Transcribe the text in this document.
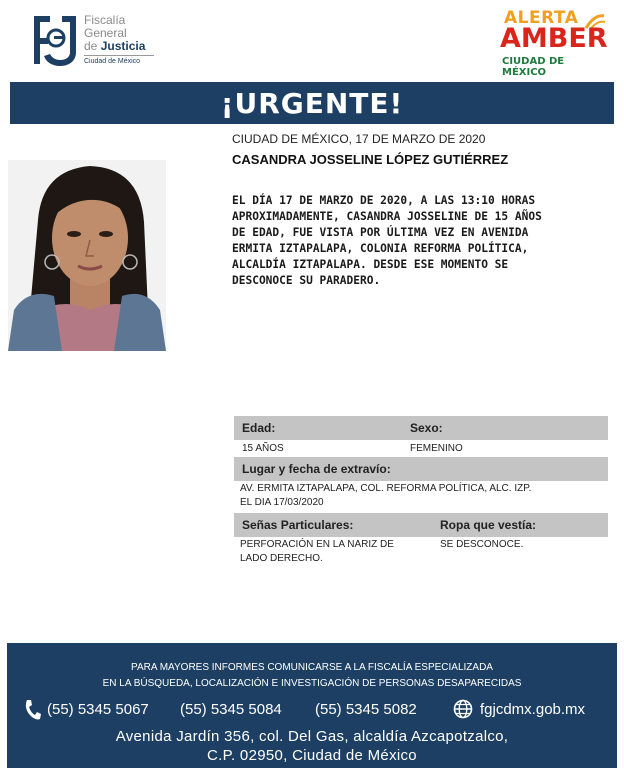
Fiscalía
General
de Justicia
Ciudad de México
ALERTA
AMBER
CIUDAD DE MÉXICO
¡URGENTE!
CIUDAD DE MÉXICO, 17 DE MARZO DE 2020
CASANDRA JOSSELINE LÓPEZ GUTIÉRREZ
EL DÍA 17 DE MARZO DE 2020, A LAS 13:10 HORAS
APROXIMADAMENTE, CASANDRA JOSSELINE DE 15 AÑOS
DE EDAD, FUE VISTA POR ÚLTIMA VEZ EN AVENIDA
ERMITA IZTAPALAPA, COLONIA REFORMA POLÍTICA,
ALCALDÍA IZTAPALAPA. DESDE ESE MOMENTO SE
DESCONOCE SU PARADERO.
Edad:	Sexo:
15 AÑOS	FEMENINO
Lugar y fecha de extravío:
AV. ERMITA IZTAPALAPA, COL. REFORMA POLÍTICA, ALC. IZP.
EL DIA 17/03/2020
Señas Particulares:	Ropa que vestía:
PERFORACIÓN EN LA NARIZ DE
LADO DERECHO.
SE DESCONOCE.
PARA MAYORES INFORMES COMUNICARSE A LA FISCALÍA ESPECIALIZADA
EN LA BÚSQUEDA, LOCALIZACIÓN E INVESTIGACIÓN DE PERSONAS DESAPARECIDAS
(55) 5345 5067 (55) 5345 5084 (55) 5345 5082	fgjcdmx.gob.mx
Avenida Jardín 356, col. Del Gas, alcaldía Azcapotzalco,
C.P. 02950, Ciudad de México
